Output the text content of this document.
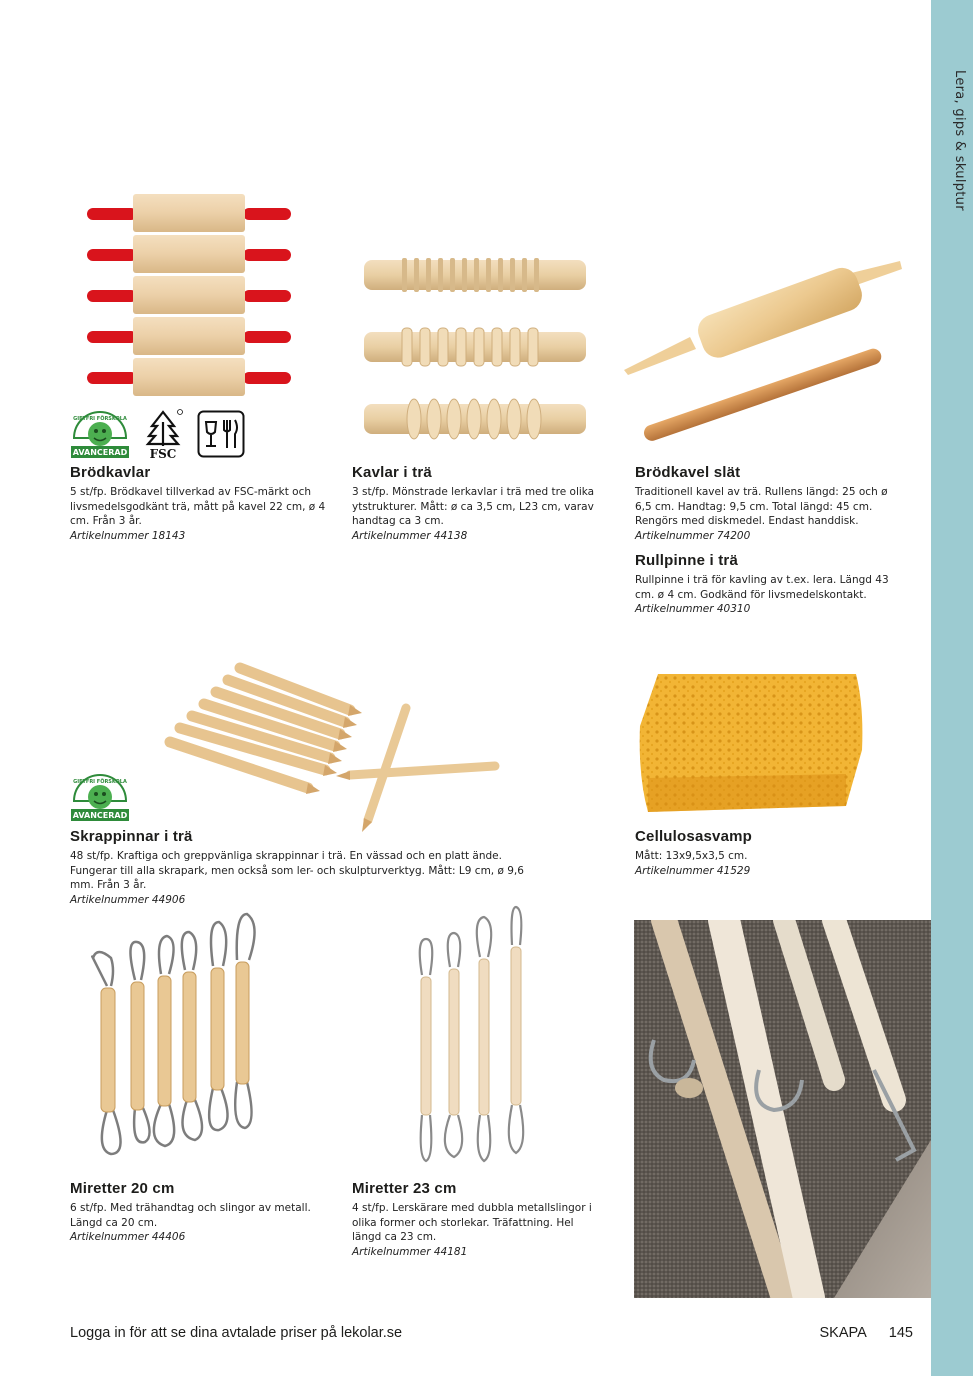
Lera, gips & skulptur
GIFTFRI FÖRSKOLA
AVANCERAD FSC
GIFTFRI FÖRSKOLA
AVANCERAD

Brödkavlar

5 st/fp. Brödkavel tillverkad av FSC-märkt och livsmedelsgodkänt trä, mått på kavel 22 cm, ø 4 cm. Från 3 år.

Artikelnummer 18143

Kavlar i trä

3 st/fp. Mönstrade lerkavlar i trä med tre olika ytstrukturer. Mått: ø ca 3,5 cm, L23 cm, varav handtag ca 3 cm.

Artikelnummer 44138

Brödkavel slät

Traditionell kavel av trä. Rullens längd: 25 och ø 6,5 cm. Handtag: 9,5 cm. Total längd: 45 cm. Rengörs med diskmedel. Endast handdisk.

Artikelnummer 74200

Rullpinne i trä

Rullpinne i trä för kavling av t.ex. lera. Längd 43 cm. ø 4 cm. Godkänd för livsmedelskontakt.

Artikelnummer 40310

Skrappinnar i trä

48 st/fp. Kraftiga och greppvänliga skrappinnar i trä. En vässad och en platt ände. Fungerar till alla skrapark, men också som ler- och skulpturverktyg. Mått: L9 cm, ø 9,6 mm. Från 3 år.

Artikelnummer 44906

Cellulosasvamp

Mått: 13x9,5x3,5 cm.

Artikelnummer 41529

Miretter 20 cm

6 st/fp. Med trähandtag och slingor av metall. Längd ca 20 cm.

Artikelnummer 44406

Miretter 23 cm

4 st/fp. Lerskärare med dubbla metallslingor i olika former och storlekar. Träfattning. Hel längd ca 23 cm.

Artikelnummer 44181

Logga in för att se dina avtalade priser på lekolar.se	SKAPA 145
